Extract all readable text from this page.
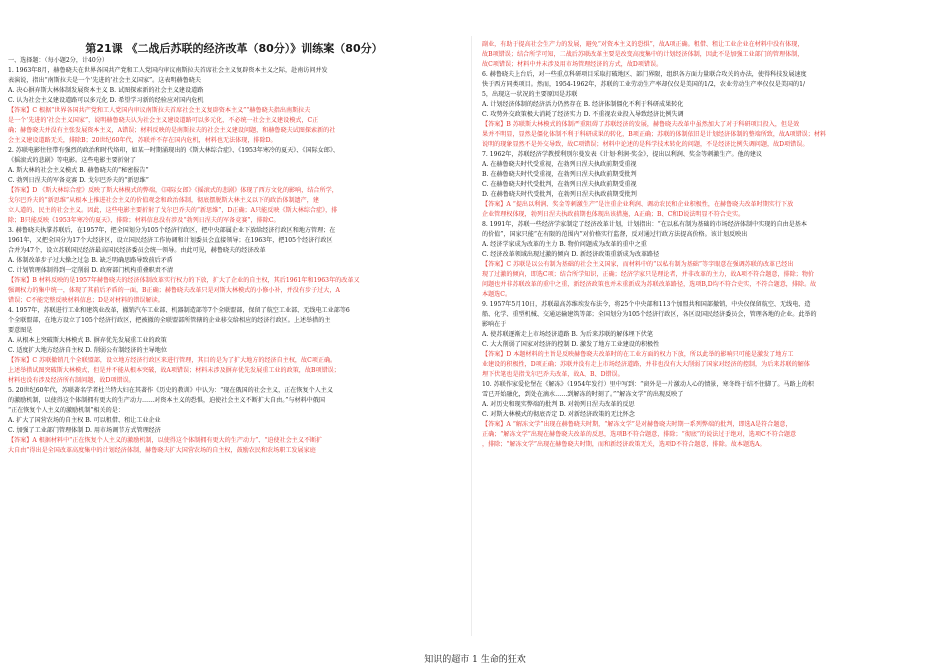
第21课 《二战后苏联的经济改革（80分）》训练案（80分）
一、选择题：（每小题2分，计40分）
1. 1963年8月，赫鲁晓夫在世界各国共产党和工人党国内审议南斯拉夫首席社会主义复辟资本主义之际，赴南访问并发
表演说，指出“南斯拉夫是一个‘先进的’社会主义国家”。这表明赫鲁晓夫
A. 决心摒弃斯大林体制发展资本主义 B. 试图探索新的社会主义建设道路
C. 认为社会主义建设道路可以多元化 D. 希望学习新的经验应对国内危机
【答案】C 根据“世界各国共产党和工人党国内审议南斯拉夫首席社会主义复辟资本主义”“赫鲁晓夫指出南斯拉夫
是一个‘先进的’社会主义国家”，说明赫鲁晓夫认为社会主义建设道路可以多元化，不必统一社会主义建设模式，C正
确；赫鲁晓夫并没有主张发展资本主义，A错误；材料反映的是南斯拉夫的社会主义建设问题，和赫鲁晓夫试图探索新的社
会主义建设道路无关，排除B；20世纪60年代，苏联并不存在国内危机，材料也无法体现，排除D。
2. 苏联电影往往带有强烈的政治和时代烙印，如某一时期涌现出的《斯大林综合症》、《1953年寒冷的夏天》、《国际女郎》、
《摇滚式的悲剧》等电影。这些电影主要折射了
A. 斯大林的社会主义模式 B. 赫鲁晓夫的“秘密报告”
C. 勃列日涅夫的军备竞赛 D. 戈尔巴乔夫的“新思维”
【答案】D 《斯大林综合症》反映了斯大林模式的弊端，《国际女郎》《摇滚式的悲剧》体现了西方文化的影响，结合所学，
戈尔巴乔夫的“新思维”从根本上推进社会主义的价值观念和政治体制，彻底摆脱斯大林主义以下的政治体制遗产，建
立人道的、民主的社会主义。因此，这些电影主要折射了戈尔巴乔夫的“新思维”，D正确；A只能反映《斯大林综合症》，排
除；B只能反映《1953年寒冷的夏天》，排除；材料信息没有涉及“勃列日涅夫的军备竞赛”，排除C。
3. 赫鲁晓夫执掌苏联后，在1957年，把全国划分为105个经济行政区，把中央部属企业下放给经济行政区和地方管理；在
1961年，又把全国分为17个大经济区，设立国民经济工作协调和计划委员会直接领导；在1963年，把105个经济行政区
合并为47个，设立苏联国民经济最高国民经济委员会统一领导。由此可见，赫鲁晓夫的经济改革
A. 体制改革步子过大操之过急 B. 缺乏明确思路导致前后矛盾
C. 计划管理体制得到一定削弱 D. 政府部门机构重叠职责不清
【答案】B 材料反映的是1957年赫鲁晓夫的经济体制改革实行权力的下放，扩大了企业的自主权，其后1961年和1963年的改革又
强调权力的集中统一，体现了其前后矛盾的一面，B正确；赫鲁晓夫改革只是对斯大林模式的小修小补，并没有步子过大，A
错误；C不能完整反映材料信息；D是对材料的错误解读。
4. 1957年，苏联进行工业和建筑业改革，撤销汽车工业部、机器制造部等7个全联盟部，保留了航空工业部、无线电工业部等6
个全联盟部，在地方设立了105个经济行政区，把被撤的全联盟部所管辖的企业移交给相应的经济行政区。上述举措的主
要意图是
A. 从根本上突破斯大林模式 B. 摒弃优先发展重工业的政策
C. 适度扩大地方经济自主权 D. 削弱公有制经济的主导地位
【答案】C 苏联撤销几个全联盟部，设立地方经济行政区来进行管理，其目的是为了扩大地方的经济自主权，故C项正确。
上述举措试图突破斯大林模式，但是并不能从根本突破，故A项错误；材料未涉及摒弃优先发展重工业的政策，故B项错误；
材料也没有涉及经济所有制问题，故D项错误。
5. 20世纪60年代，苏联著名学者杜兰特大妇在其著作《历史的教训》中认为：“现在俄国的社会主义，正在恢复个人主义
的激励机制，以使得这个体制拥有更大的生产动力……对资本主义的恐惧，迫使社会主义不断扩大自由。”与材料中俄国
“正在恢复个人主义的激励机制”相关的是：
A. 扩大了国营农场的自主权 B. 可以租借、租让工业企业
C. 加强了工业部门管理体制 D. 用市场调节方式管理经济
【答案】A 根据材料中“正在恢复个人主义的激励机制，以使得这个体制拥有更大的生产动力”、“迫使社会主义不断扩
大自由”得出是全国改革高度集中的计划经济体制，赫鲁晓夫扩大国营农场的自主权，鼓励农民和农场职工发展家庭
副业，有助于提高社会生产力的发展，避免“对资本主义的恐惧”，故A项正确。租借、租让工业企业在材料中没有体现，
故B项错误；结合所学可知，二战后苏联改革主要是改变高度集中的计划经济体制，因此不是加强工业部门的管理体制，
故C项错误；材料中并未涉及用市场管理经济的方式，故D项错误。
6. 赫鲁晓夫上台后，对一些重点科研项目采取打破地区、部门界限，组织各方面力量联合攻关的办法，使得科技发展速度
快于西方同类项目。然而，1954-1962年，苏联的工业劳动生产率却仅仅是美国的1/2，农业劳动生产率仅仅是美国的1/
5，出现这一状况的主要原因是苏联
A. 计划经济体制的经济活力仍然存在 B. 经济体制僵化不利于科研成果转化
C. 攻势外交政策极大消耗了经济实力 D. 不重视农业投入导致经济比例失调
【答案】B 苏联斯大林模式的体制严重阻碍了苏联经济的发展，赫鲁晓夫改革中虽然加大了对于科研项目投入，但是效
果并不明显，显然是僵化体制不利于科研成果的转化，B项正确；苏联的体制依旧是计划经济体制的整端所致，故A项错误；材料
说明的现象显然不是外交导致，故C项错误；材料中论述的是科学技术转化的问题，不是经济比例失调问题，故D项错误。
7. 1962年，苏联经济学教授利别尔曼发表《计划·利润·奖金》，提出以利润、奖金等刺激生产。他的建议
A. 在赫鲁晓夫时代受重视，在勃列日涅夫执政前期受重视
B. 在赫鲁晓夫时代受重视，在勃列日涅夫执政前期受批判
C. 在赫鲁晓夫时代受批判，在勃列日涅夫执政前期受重视
D. 在赫鲁晓夫时代受批判，在勃列日涅夫执政前期受批判
【答案】A “提出以利润、奖金等刺激生产”是注重企业利润、调动农民和企业积极性，在赫鲁晓夫改革时期实行下放
企业管理权体现，勃列日涅夫执政前期也体现出该措施，A正确；B、C和D说法明显不符合史实。
8. 1991年，苏联一些经济学家制定了经济改革计划，计划指出：“在以私有制为基础的市场经济体制中实现的自由是基本
的价值”，国家只能“在有限的范围内”对价格实行监督，反对通过行政方法提高价格。该计划反映出
A. 经济学家成为改革的主力 B. 物价问题成为改革的重中之重
C. 经济改革领域出现过激的倾向 D. 新经济政策重新成为改革路径
【答案】C 苏联是以公有制为基础的社会主义国家，而材料中的“以私有制为基础”等字眼意在强调苏联的改革已经出
现了过激的倾向，即选C项；结合所学知识，正确；经济学家只是理论者，并非改革的主力，故A项不符合题意，排除；物价
问题也并非苏联改革的重中之重，新经济政策也并未重新成为苏联改革路径，选项B,D均不符合史实，不符合题意，排除。故
本题选C。
9. 1957年5月10日，苏联最高苏维埃发布法令，将25个中央部和113个加盟共和国部撤销，中央仅保留航空、无线电、造
船、化学、重型机械、交通运输建筑等部；全国划分为105个经济行政区，各区设国民经济委员会，管理各地的企业。此举的
影响在于
A. 使苏联逐渐走上市场经济道路 B. 为后来苏联的解体埋下伏笔
C. 大大削弱了国家对经济的控制 D. 激发了地方工业建设的积极性
【答案】D 本题材料的主旨是反映赫鲁晓夫改革时的在工业方面的权力下放，所以此举的影响只可能是激发了地方工
业建设的积极性，D项正确；苏联并没有走上市场经济道路，并非也没有大大削弱了国家对经济的控制，为后来苏联的解体
埋下伏笔也是指戈尔巴乔夫改革，故A、B、D错误。
10. 苏联作家爱伦堡在《解冻》（1954年发行）里中写到：“窗外是一片激动人心的情景，寒冬终于结不住脚了。马路上的积
雪已开始融化，到处在滴水……到解冻的时刻了。”“解冻文学”的出现反映了
A. 对历史和现实弊端的批判 B. 对勃列日涅夫改革的反思
C. 对斯大林模式的彻底否定 D. 对新经济政策的无比怀念
【答案】A “解冻文学”出现在赫鲁晓夫时期，“解冻文学”是对赫鲁晓夫时期一系列弊端的批判，即选A是符合题意，
正确；“解冻文学”出现在赫鲁晓夫改革的反思，选项B不符合题意，排除；“彻底”的说法过于绝对，选项C不符合题意
，排除；“解冻文学”出现在赫鲁晓夫时期，而和新经济政策无关，选项D不符合题意，排除。故本题选A。
知识的超市 1 生命的狂欢
